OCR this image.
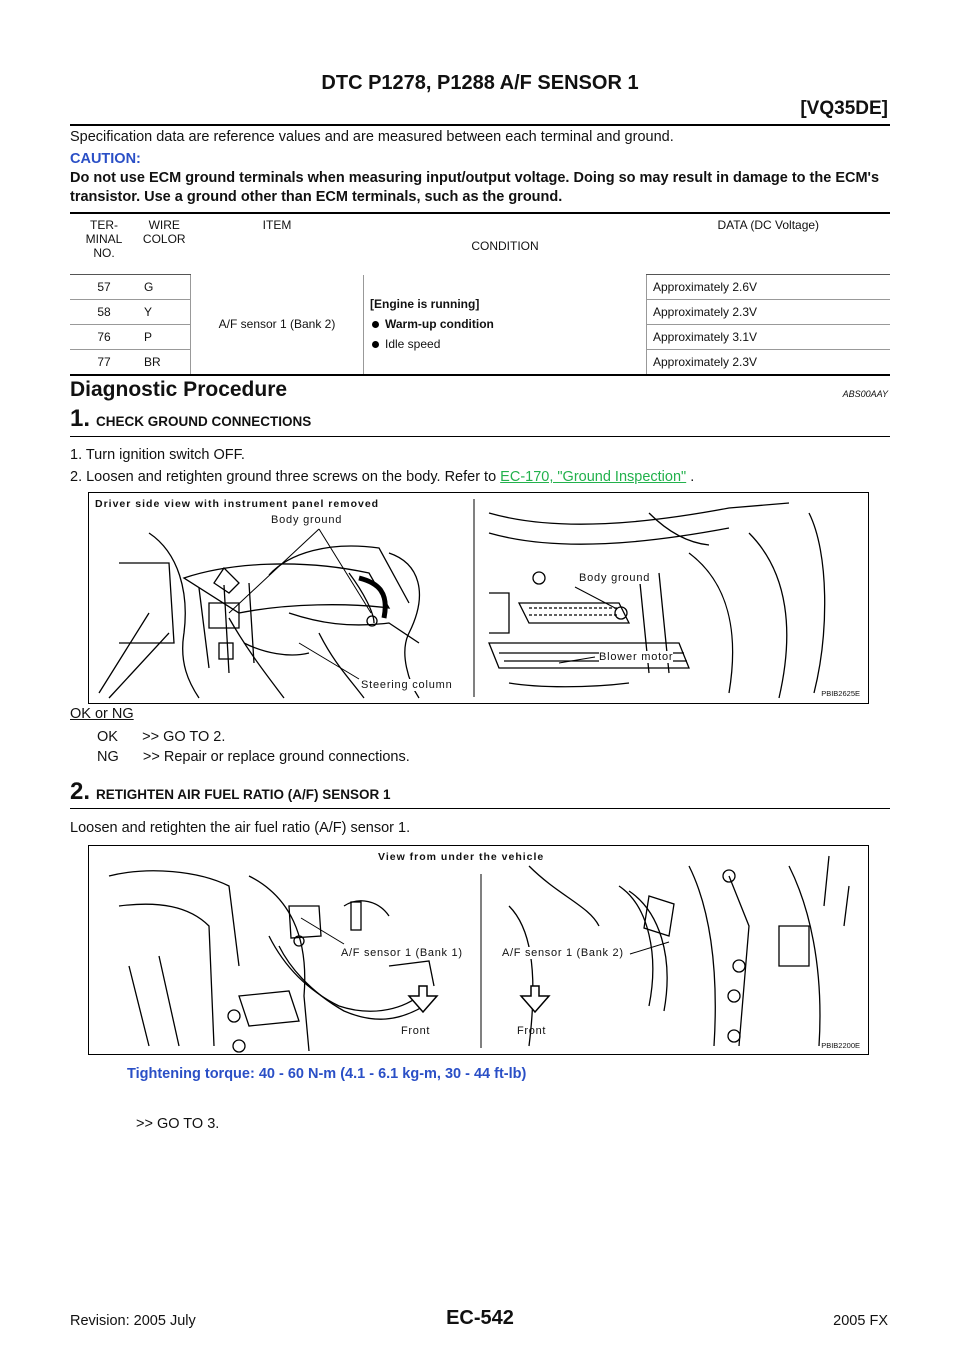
DTC P1278, P1288 A/F SENSOR 1
[VQ35DE]
Specification data are reference values and are measured between each terminal and ground.
CAUTION:
Do not use ECM ground terminals when measuring input/output voltage. Doing so may result in damage to the ECM's transistor. Use a ground other than ECM terminals, such as the ground.
TER-
MINAL
NO.	WIRE
COLOR	ITEM	CONDITION	DATA (DC Voltage)
57	G	A/F sensor 1 (Bank 2)	[Engine is running]
Warm-up condition
Idle speed	Approximately 2.6V
58	Y			Approximately 2.3V
76	P			Approximately 3.1V
77	BR			Approximately 2.3V
Diagnostic Procedure	ABS00AAY
1. CHECK GROUND CONNECTIONS
1. Turn ignition switch OFF.
2. Loosen and retighten ground three screws on the body. Refer to EC-170, "Ground Inspection" .
Driver side view with instrument panel removed
Body ground
Steering column
Body ground
Blower motor
PBIB2625E
OK or NG
OK      >> GO TO 2.
NG      >> Repair or replace ground connections.
2. RETIGHTEN AIR FUEL RATIO (A/F) SENSOR 1
Loosen and retighten the air fuel ratio (A/F) sensor 1.
View from under the vehicle
A/F sensor 1 (Bank 1)	A/F sensor 1 (Bank 2)
Front	Front
PBIB2200E
Tightening torque: 40 - 60 N-m (4.1 - 6.1 kg-m, 30 - 44 ft-lb)
>> GO TO 3.
Revision: 2005 July	EC-542	2005 FX
